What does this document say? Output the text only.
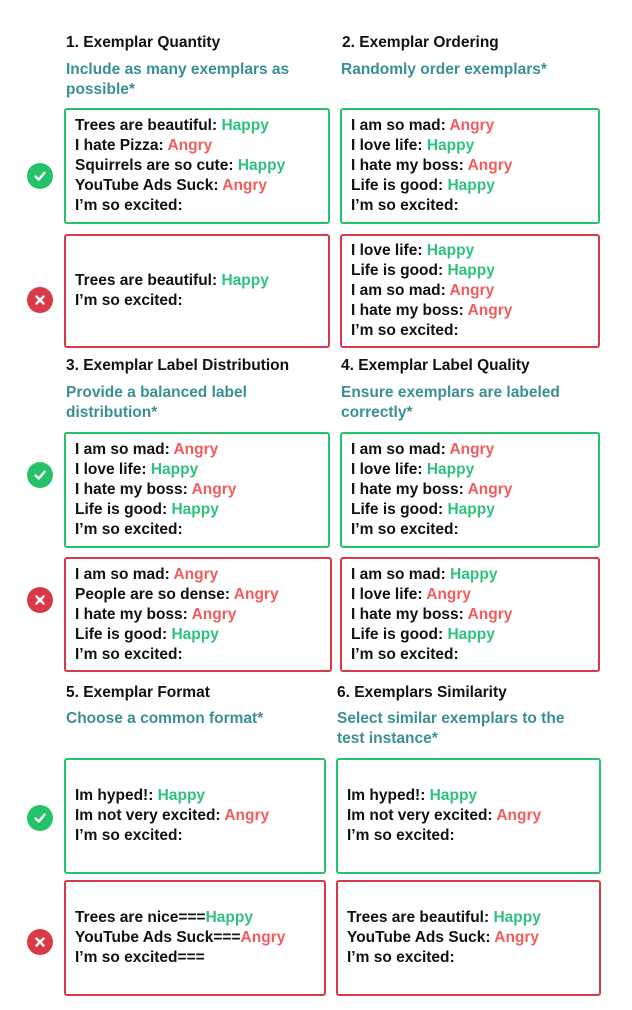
1. Exemplar Quantity
Include as many exemplars as possible*
Trees are beautiful: Happy
I hate Pizza: Angry
Squirrels are so cute: Happy
YouTube Ads Suck: Angry
I’m so excited:
Trees are beautiful: Happy
I’m so excited:
2. Exemplar Ordering
Randomly order exemplars*
I am so mad: Angry
I love life: Happy
I hate my boss: Angry
Life is good: Happy
I’m so excited:
I love life: Happy
Life is good: Happy
I am so mad: Angry
I hate my boss: Angry
I’m so excited:
3. Exemplar Label Distribution
Provide a balanced label distribution*
I am so mad: Angry
I love life: Happy
I hate my boss: Angry
Life is good: Happy
I’m so excited:
I am so mad: Angry
People are so dense: Angry
I hate my boss: Angry
Life is good: Happy
I’m so excited:
4. Exemplar Label Quality
Ensure exemplars are labeled correctly*
I am so mad: Angry
I love life: Happy
I hate my boss: Angry
Life is good: Happy
I’m so excited:
I am so mad: Happy
I love life: Angry
I hate my boss: Angry
Life is good: Happy
I’m so excited:
5. Exemplar Format
Choose a common format*
Im hyped!: Happy
Im not very excited: Angry
I’m so excited:
Trees are nice===Happy
YouTube Ads Suck===Angry
I’m so excited===
6. Exemplars Similarity
Select similar exemplars to the test instance*
Im hyped!: Happy
Im not very excited: Angry
I’m so excited:
Trees are beautiful: Happy
YouTube Ads Suck: Angry
I’m so excited:
